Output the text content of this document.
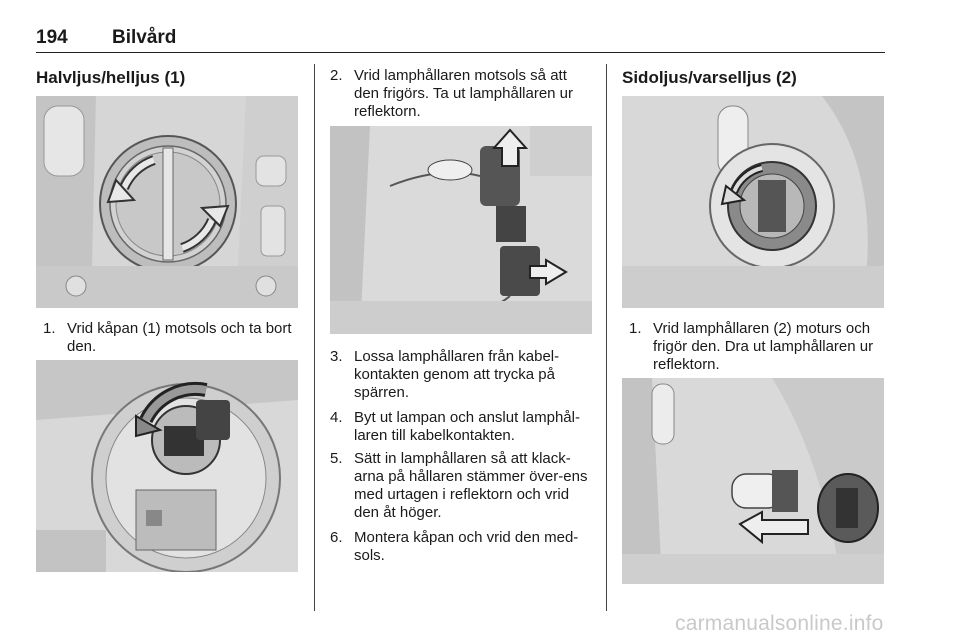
194 Bilvård
Halvljus/helljus (1)
1. Vrid kåpan (1) motsols och ta bort den.
2. Vrid lamphållaren motsols så att den frigörs. Ta ut lamphållaren ur reflektorn.
3. Lossa lamphållaren från kabel-kontakten genom att trycka på spärren.
4. Byt ut lampan och anslut lamphål-laren till kabelkontakten.
5. Sätt in lamphållaren så att klack-arna på hållaren stämmer över-ens med urtagen i reflektorn och vrid den åt höger.
6. Montera kåpan och vrid den med-sols.
Sidoljus/varselljus (2)
1. Vrid lamphållaren (2) moturs och frigör den. Dra ut lamphållaren ur reflektorn.
carmanualsonline.info
